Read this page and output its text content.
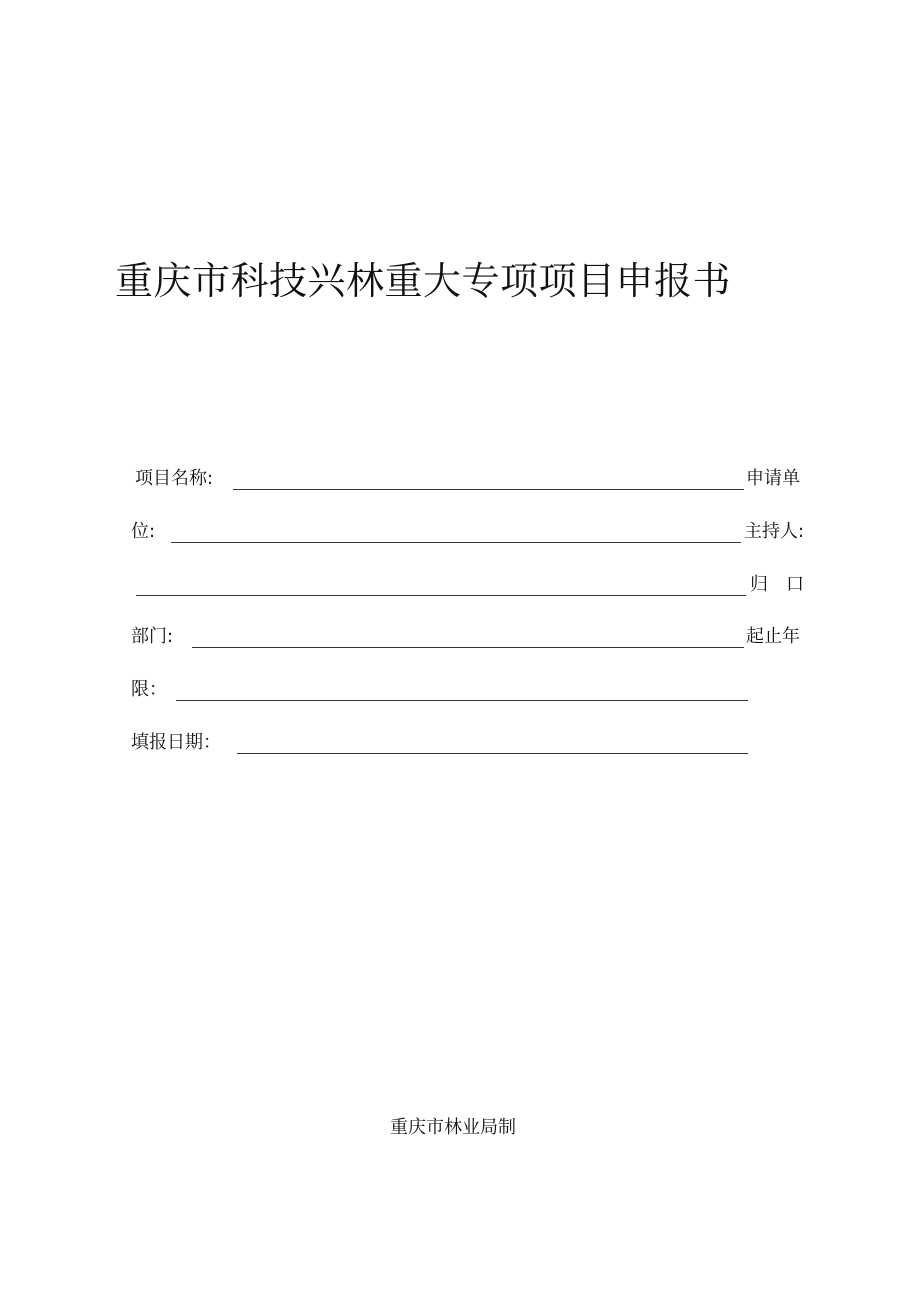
重庆市科技兴林重大专项项目申报书
项目名称:	申请单
位:	主持人:
归　口
部门:	起止年
限：
填报日期：
重庆市林业局制
